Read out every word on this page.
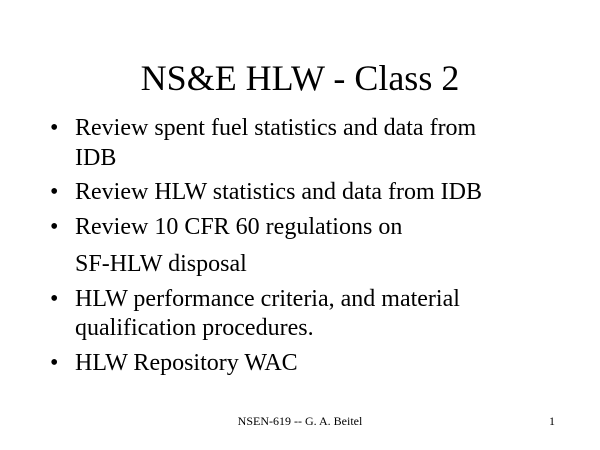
NS&E HLW - Class 2
• Review spent fuel statistics and data from
IDB
• Review HLW statistics and data from IDB
• Review 10 CFR 60 regulations on
SF-HLW disposal
• HLW performance criteria, and material
qualification procedures.
• HLW Repository WAC
NSEN-619 -- G. A. Beitel	1
